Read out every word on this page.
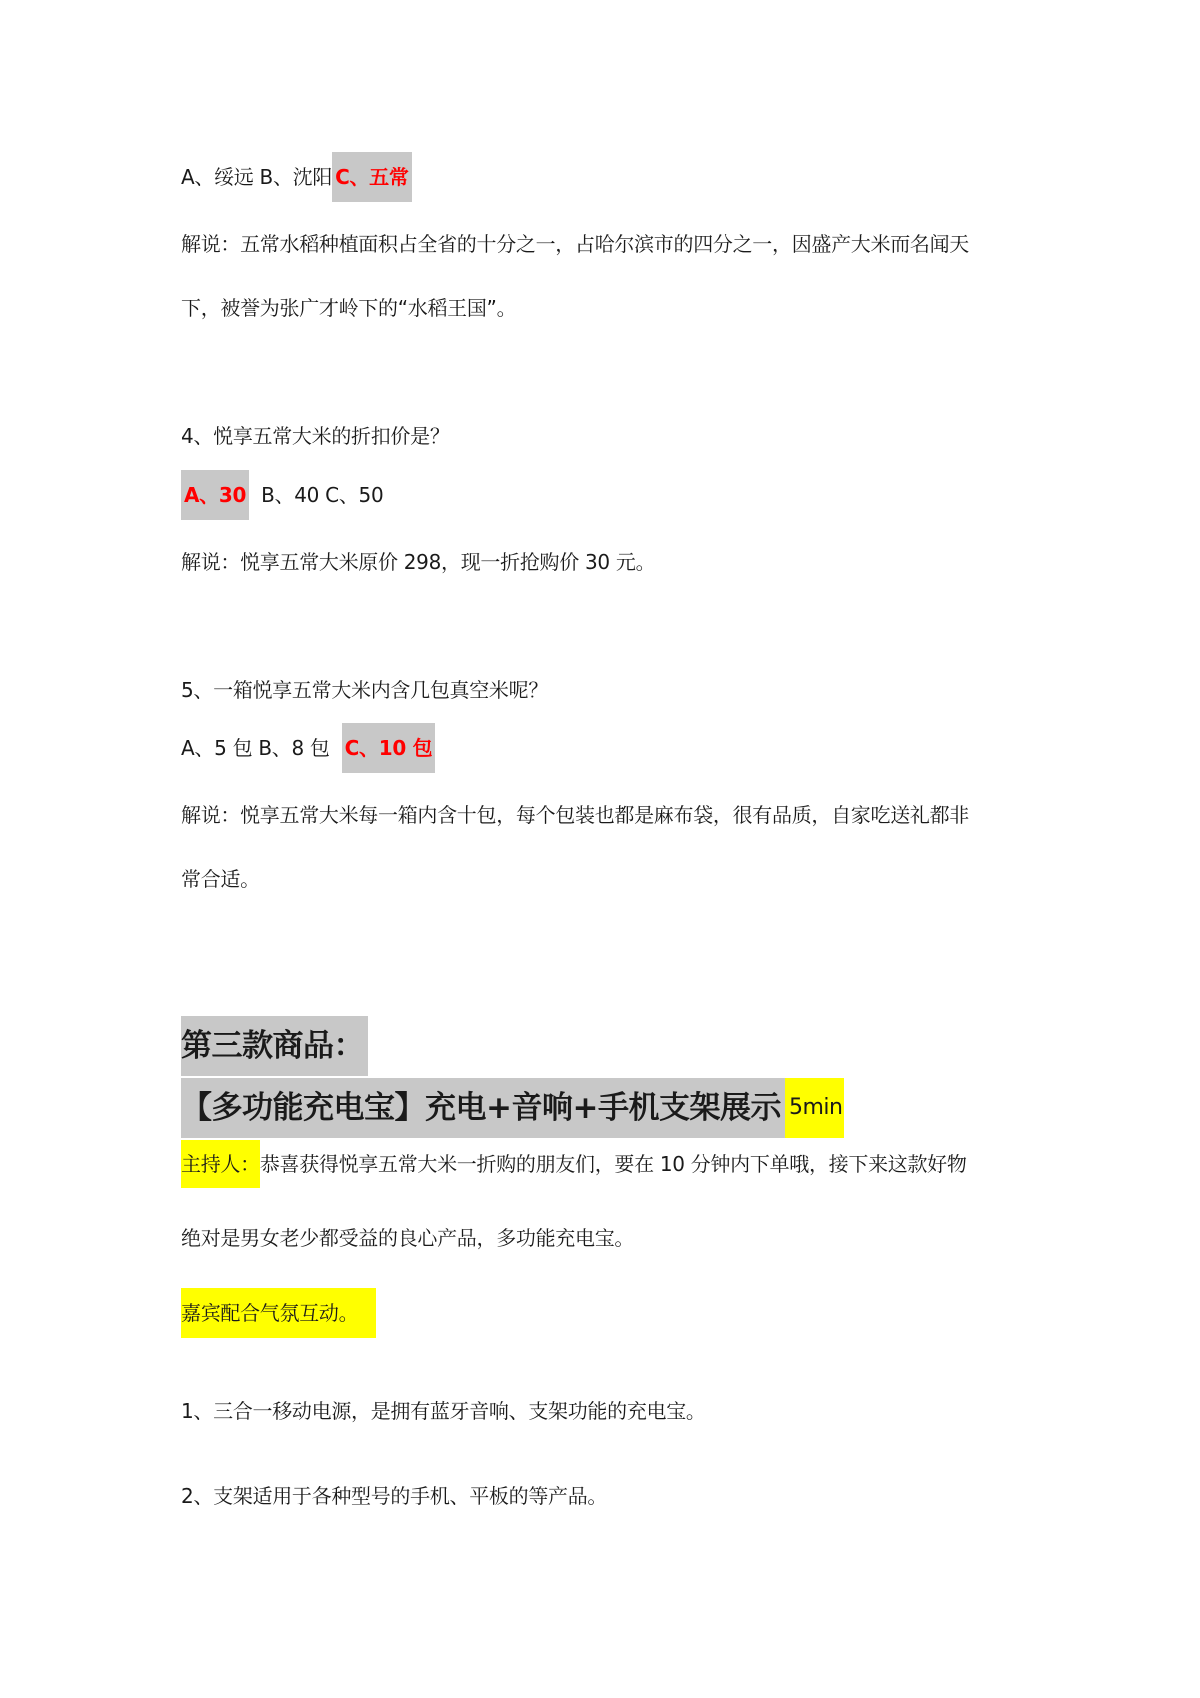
A、绥远 B、沈阳 C、五常
解说：五常水稻种植面积占全省的十分之一，占哈尔滨市的四分之一，因盛产大米而名闻天
下，被誉为张广才岭下的“水稻王国”。
4、悦享五常大米的折扣价是？
A、30 B、40 C、50
解说：悦享五常大米原价 298，现一折抢购价 30 元。
5、一箱悦享五常大米内含几包真空米呢？
A、5 包 B、8 包 C、10 包
解说：悦享五常大米每一箱内含十包，每个包装也都是麻布袋，很有品质，自家吃送礼都非
常合适。
第三款商品：
【多功能充电宝】充电+音响+手机支架展示 5min
主持人：恭喜获得悦享五常大米一折购的朋友们，要在 10 分钟内下单哦，接下来这款好物
绝对是男女老少都受益的良心产品，多功能充电宝。
嘉宾配合气氛互动。
1、三合一移动电源，是拥有蓝牙音响、支架功能的充电宝。
2、支架适用于各种型号的手机、平板的等产品。
